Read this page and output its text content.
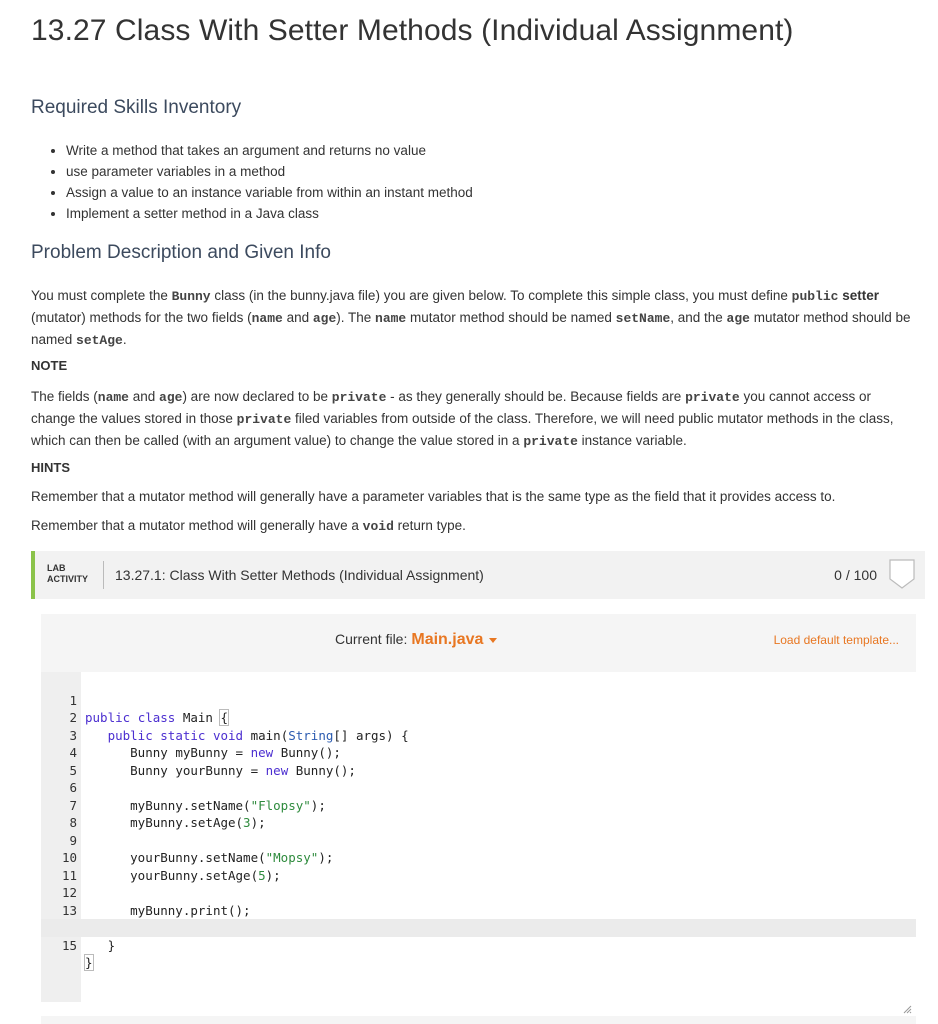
13.27 Class With Setter Methods (Individual Assignment)
Required Skills Inventory
• Write a method that takes an argument and returns no value
• use parameter variables in a method
• Assign a value to an instance variable from within an instant method
• Implement a setter method in a Java class
Problem Description and Given Info

You must complete the Bunny class (in the bunny.java file) you are given below. To complete this simple class, you must define public setter (mutator) methods for the two fields (name and age). The name mutator method should be named setName, and the age mutator method should be named setAge.

NOTE

The fields (name and age) are now declared to be private - as they generally should be. Because fields are private you cannot access or change the values stored in those private filed variables from outside of the class. Therefore, we will need public mutator methods in the class, which can then be called (with an argument value) to change the value stored in a private instance variable.

HINTS

Remember that a mutator method will generally have a parameter variables that is the same type as the field that it provides access to.

Remember that a mutator method will generally have a void return type.

LAB
ACTIVITY 13.27.1: Class With Setter Methods (Individual Assignment)	0 / 100
Current file: Main.java	Load default template...

1

public class Main {

2

public static void main(String[] args) {

3

Bunny myBunny = new Bunny();

4

Bunny yourBunny = new Bunny();

5

6

myBunny.setName("Flopsy");

7

myBunny.setAge(3);

8

9

yourBunny.setName("Mopsy");

10

yourBunny.setAge(5);

11

12

myBunny.print();

13

}

15

}
